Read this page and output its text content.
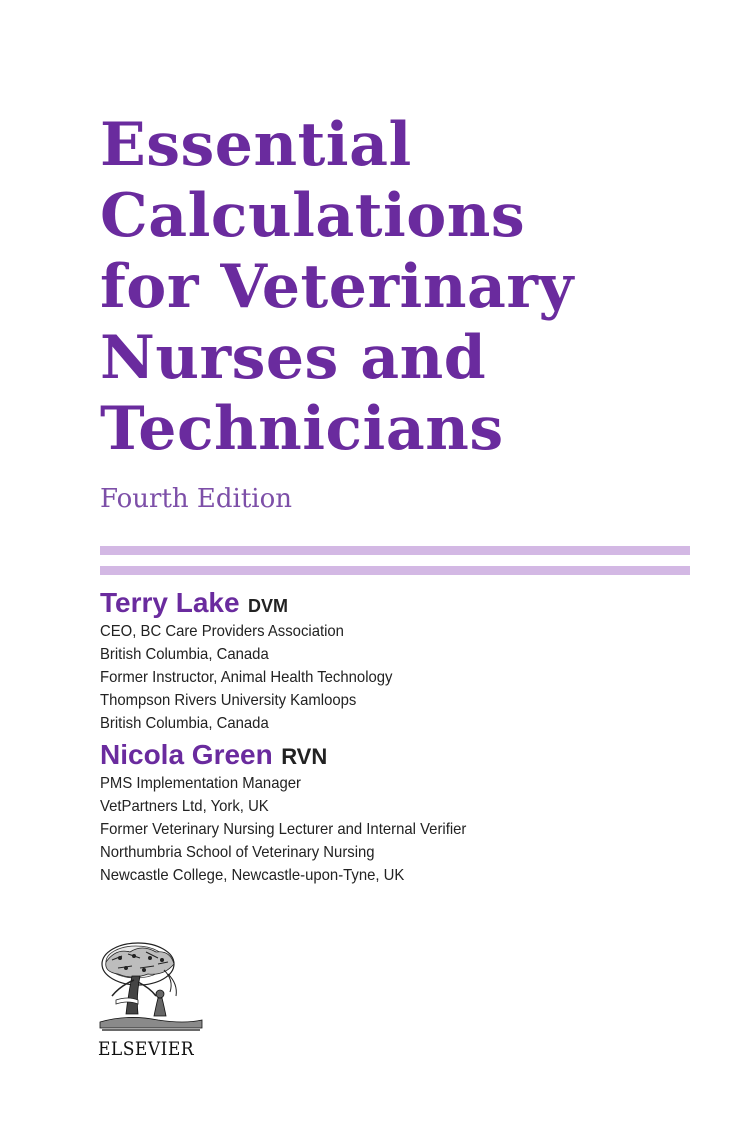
Essential
Calculations
for Veterinary
Nurses and
Technicians
Fourth Edition
Terry Lake DVM
CEO, BC Care Providers Association
British Columbia, Canada
Former Instructor, Animal Health Technology
Thompson Rivers University Kamloops
British Columbia, Canada
Nicola Green RVN
PMS Implementation Manager
VetPartners Ltd, York, UK
Former Veterinary Nursing Lecturer and Internal Verifier
Northumbria School of Veterinary Nursing
Newcastle College, Newcastle-upon-Tyne, UK
ELSEVIER
